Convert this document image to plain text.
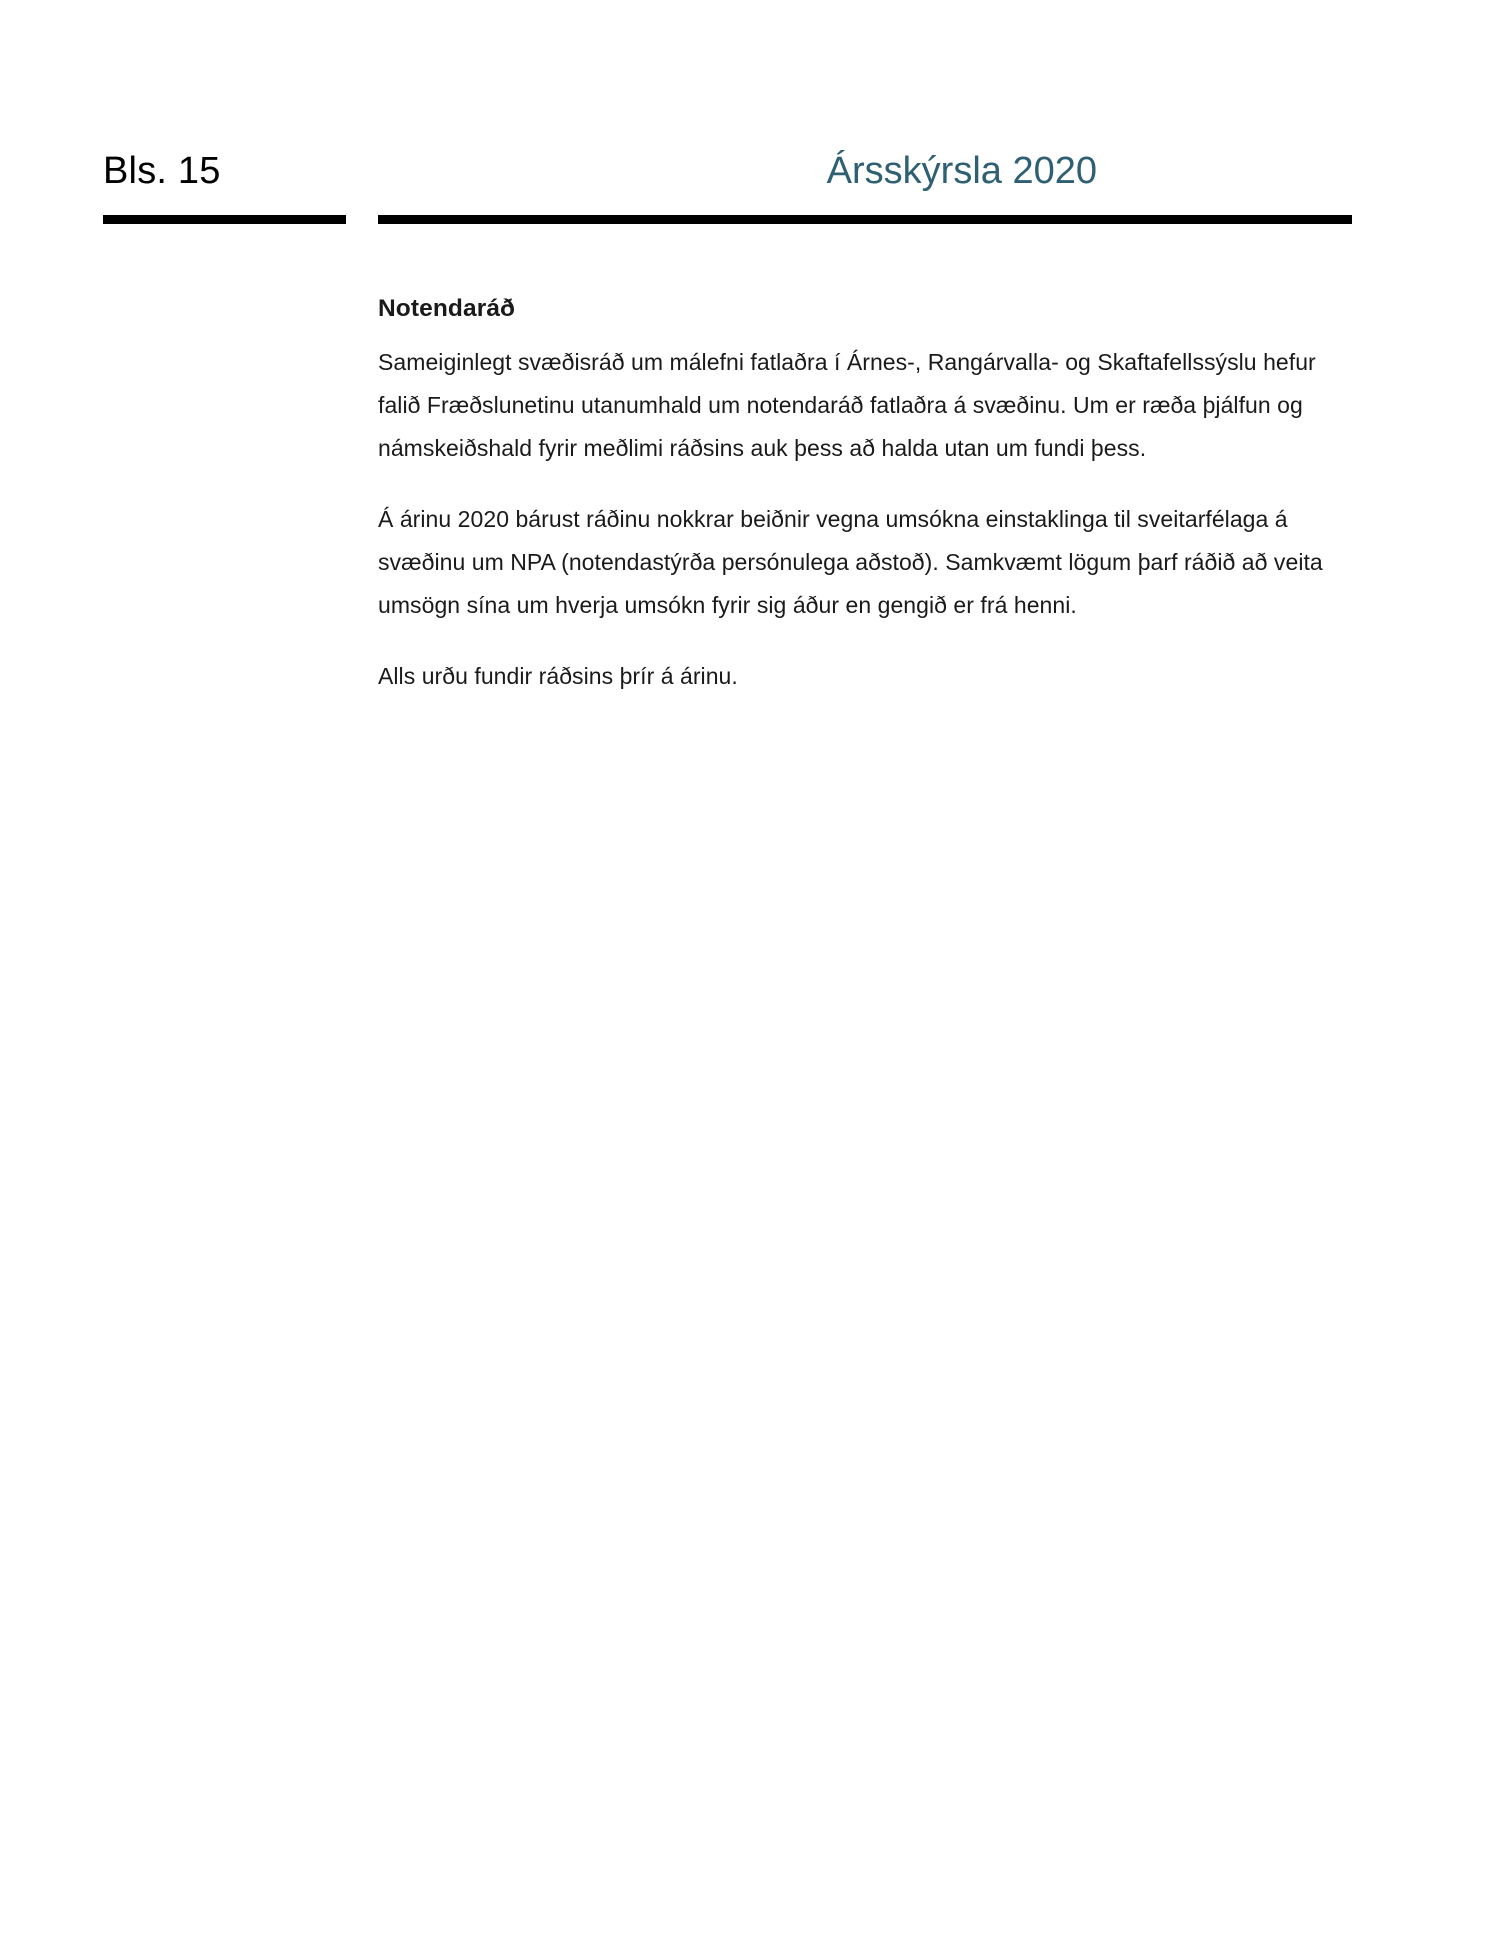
Bls. 15	Ársskýrsla 2020
Notendaráð

Sameiginlegt svæðisráð um málefni fatlaðra í Árnes-, Rangárvalla- og Skaftafellssýslu hefur falið Fræðslunetinu utanumhald um notendaráð fatlaðra á svæðinu. Um er ræða þjálfun og námskeiðshald fyrir meðlimi ráðsins auk þess að halda utan um fundi þess.

Á árinu 2020 bárust ráðinu nokkrar beiðnir vegna umsókna einstaklinga til sveitarfélaga á svæðinu um NPA (notendastýrða persónulega aðstoð). Samkvæmt lögum þarf ráðið að veita umsögn sína um hverja umsókn fyrir sig áður en gengið er frá henni.

Alls urðu fundir ráðsins þrír á árinu.
